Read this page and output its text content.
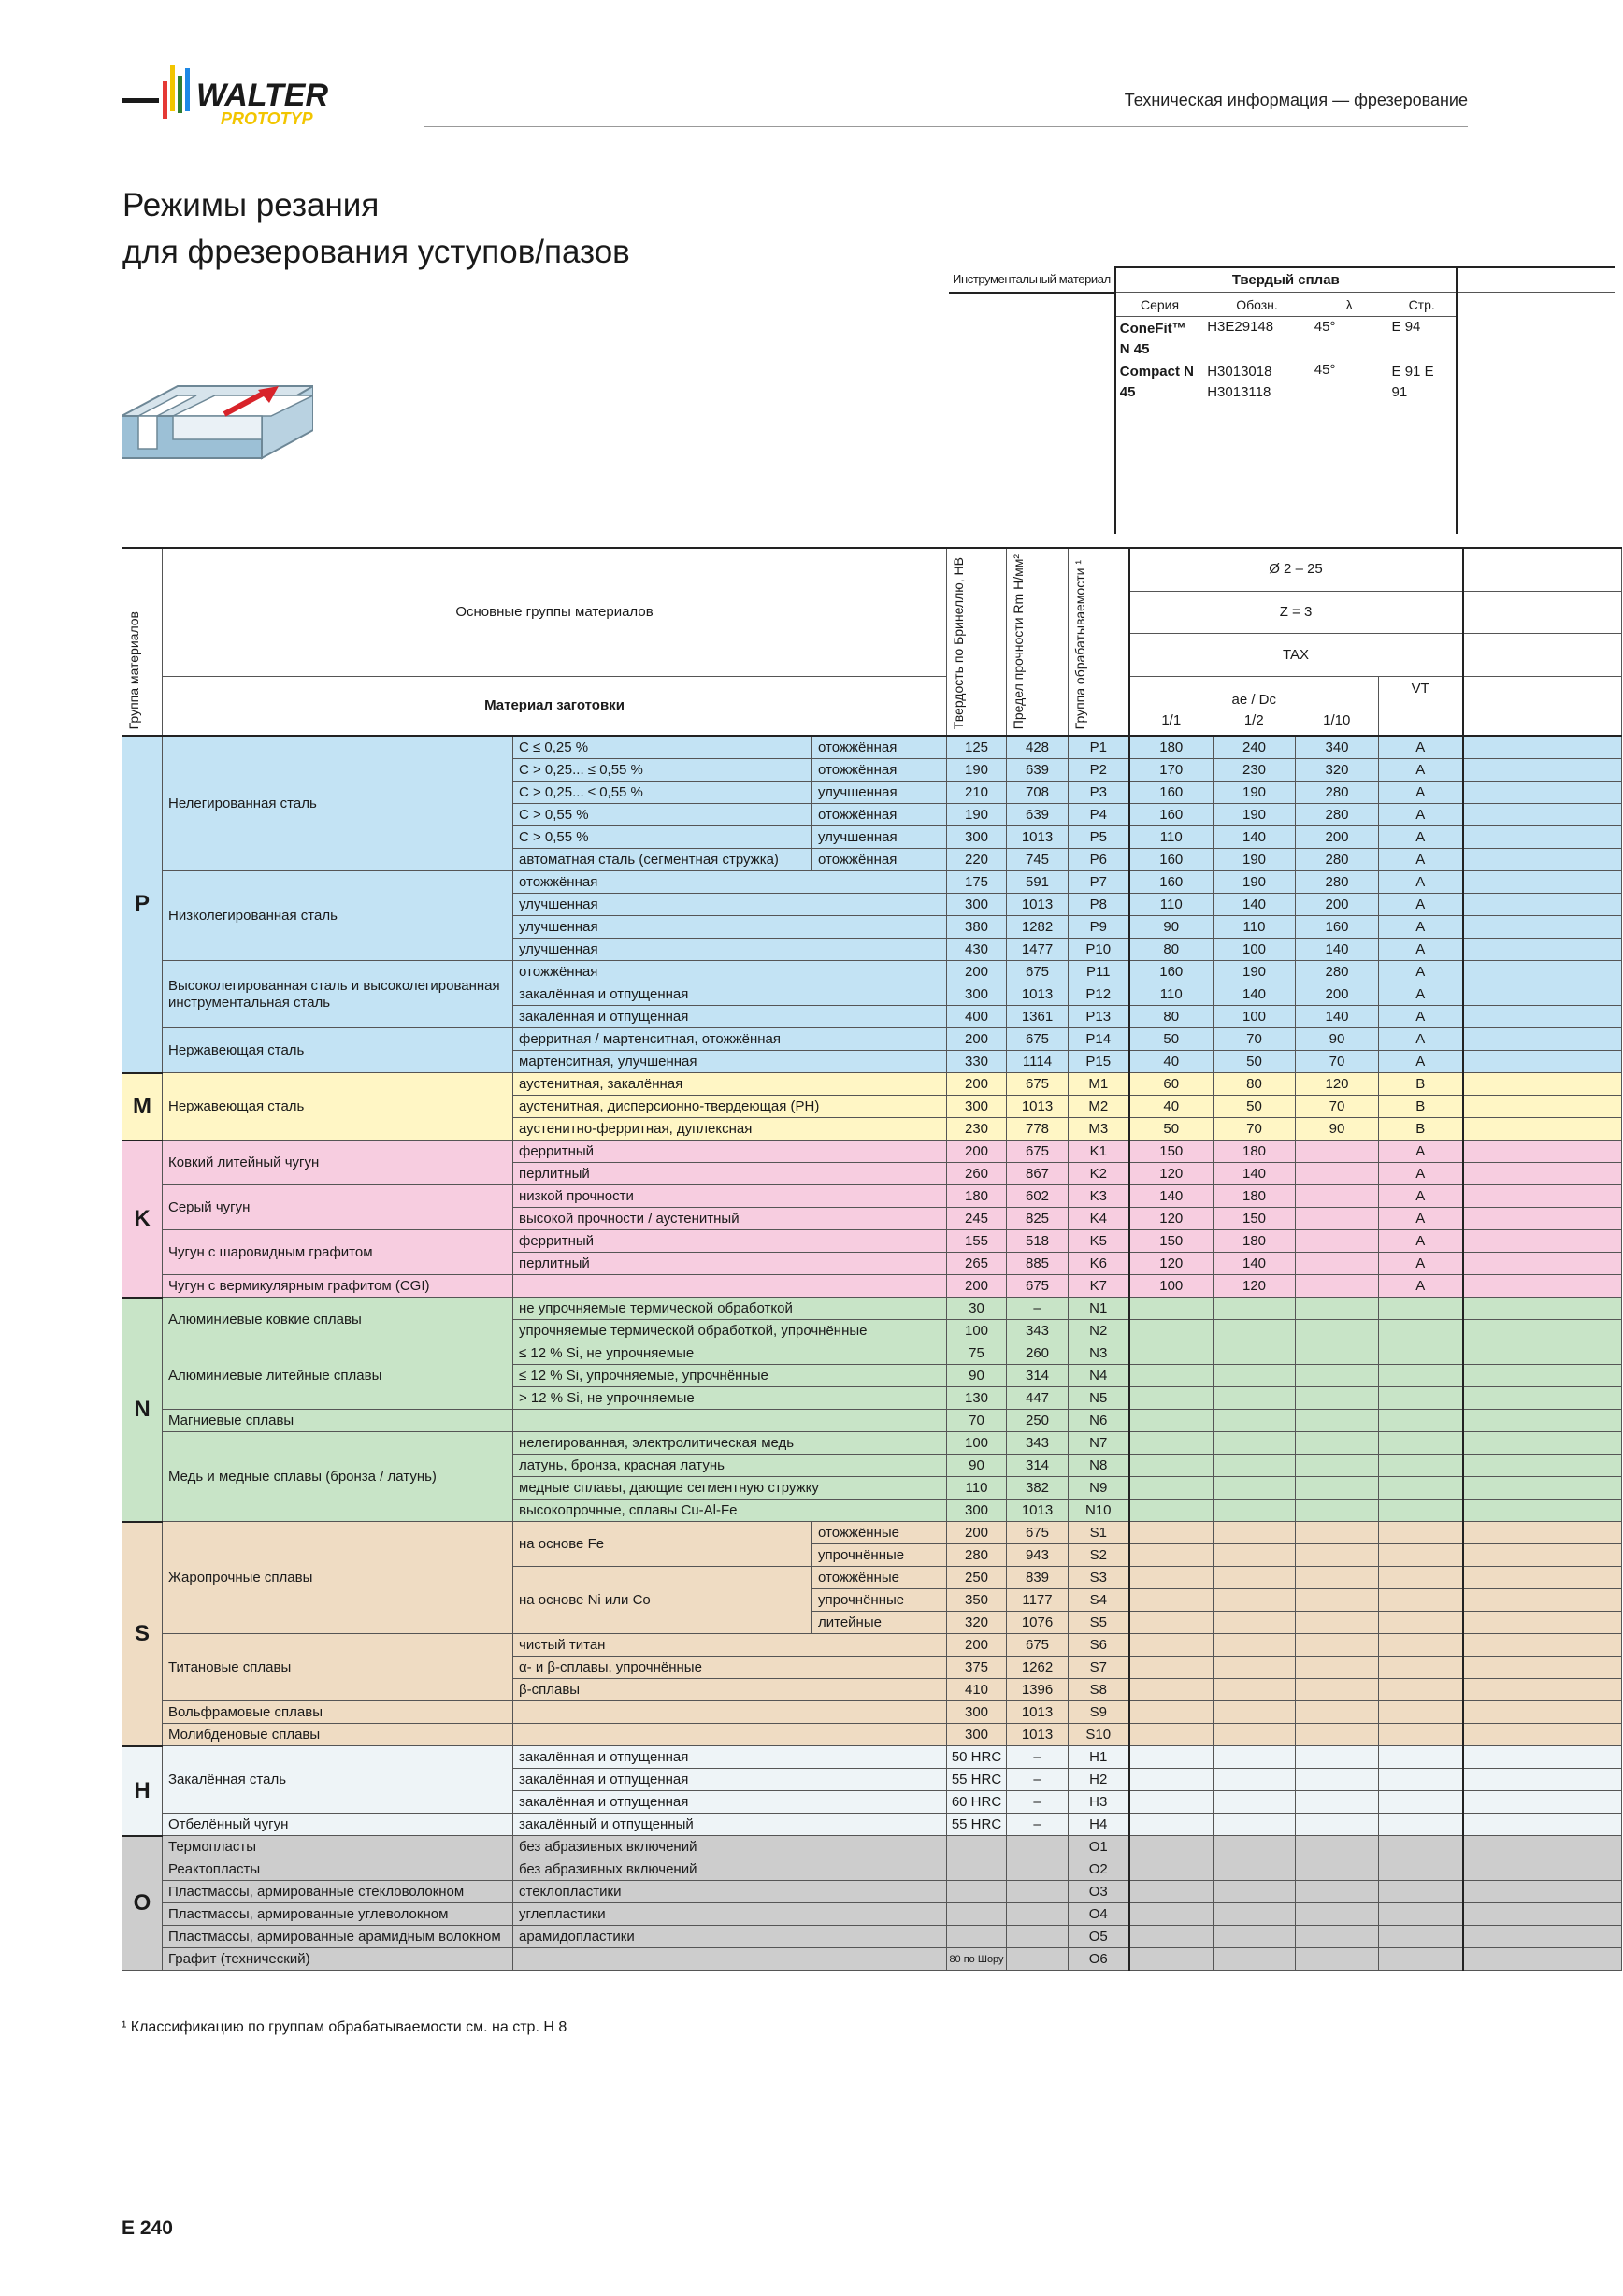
WALTER
PROTOTYP
Техническая информация — фрезерование
Режимы резания
для фрезерования уступов/пазов
Инструментальный материал	Твердый сплав				
	Серия	Обозн.	λ	Стр.	
	ConeFit™ N 45	H3E29148	45°	E 94	
	Compact N 45	H3013018 H3013118	45°	E 91 E 91	

Группа материалов	Основные группы материалов			Твердость по Бринеллю, HB	Предел прочности Rm Н/мм²	Группа обрабатываемости ¹	Ø 2 – 25				
							Z = 3				
							TAX				
	Материал заготовки						ae / Dc
1/1 1/2 1/10			VT	
P	Нелегированная сталь	C ≤ 0,25 %	отожжённая	125	428	P1	180	240	340	A	
		C > 0,25... ≤ 0,55 %	отожжённая	190	639	P2	170	230	320	A	
		C > 0,25... ≤ 0,55 %	улучшенная	210	708	P3	160	190	280	A	
		C > 0,55 %	отожжённая	190	639	P4	160	190	280	A	
		C > 0,55 %	улучшенная	300	1013	P5	110	140	200	A	
		автоматная сталь (сегментная стружка)	отожжённая	220	745	P6	160	190	280	A	
	Низколегированная сталь	отожжённая		175	591	P7	160	190	280	A	
		улучшенная		300	1013	P8	110	140	200	A	
		улучшенная		380	1282	P9	90	110	160	A	
		улучшенная		430	1477	P10	80	100	140	A	
	Высоколегированная сталь и высоколегированная инструментальная сталь	отожжённая		200	675	P11	160	190	280	A	
		закалённая и отпущенная		300	1013	P12	110	140	200	A	
		закалённая и отпущенная		400	1361	P13	80	100	140	A	
	Нержавеющая сталь	ферритная / мартенситная, отожжённая		200	675	P14	50	70	90	A	
		мартенситная, улучшенная		330	1114	P15	40	50	70	A	
M	Нержавеющая сталь	аустенитная, закалённая		200	675	M1	60	80	120	B	
		аустенитная, дисперсионно-твердеющая (PH)		300	1013	M2	40	50	70	B	
		аустенитно-ферритная, дуплексная		230	778	M3	50	70	90	B	
K	Ковкий литейный чугун	ферритный		200	675	K1	150	180		A	
		перлитный		260	867	K2	120	140		A	
	Серый чугун	низкой прочности		180	602	K3	140	180		A	
		высокой прочности / аустенитный		245	825	K4	120	150		A	
	Чугун с шаровидным графитом	ферритный		155	518	K5	150	180		A	
		перлитный		265	885	K6	120	140		A	
	Чугун с вермикулярным графитом (CGI)			200	675	K7	100	120		A	
N	Алюминиевые ковкие сплавы	не упрочняемые термической обработкой		30	–	N1					
		упрочняемые термической обработкой, упрочнённые		100	343	N2					
	Алюминиевые литейные сплавы	≤ 12 % Si, не упрочняемые		75	260	N3					
		≤ 12 % Si, упрочняемые, упрочнённые		90	314	N4					
		> 12 % Si, не упрочняемые		130	447	N5					
	Магниевые сплавы			70	250	N6					
	Медь и медные сплавы (бронза / латунь)	нелегированная, электролитическая медь		100	343	N7					
		латунь, бронза, красная латунь		90	314	N8					
		медные сплавы, дающие сегментную стружку		110	382	N9					
		высокопрочные, сплавы Cu-Al-Fe		300	1013	N10					
S	Жаропрочные сплавы	на основе Fe	отожжённые	200	675	S1					
			упрочнённые	280	943	S2					
		на основе Ni или Co	отожжённые	250	839	S3					
			упрочнённые	350	1177	S4					
			литейные	320	1076	S5					
	Титановые сплавы	чистый титан		200	675	S6					
		α- и β-сплавы, упрочнённые		375	1262	S7					
		β-сплавы		410	1396	S8					
	Вольфрамовые сплавы			300	1013	S9					
	Молибденовые сплавы			300	1013	S10					
H	Закалённая сталь	закалённая и отпущенная		50 HRC	–	H1					
		закалённая и отпущенная		55 HRC	–	H2					
		закалённая и отпущенная		60 HRC	–	H3					
	Отбелённый чугун	закалённый и отпущенный		55 HRC	–	H4					
O	Термопласты	без абразивных включений				O1					
	Реактопласты	без абразивных включений				O2					
	Пластмассы, армированные стекловолокном	стеклопластики				O3					
	Пластмассы, армированные углеволокном	углепластики				O4					
	Пластмассы, армированные арамидным волокном	арамидопластики				O5					
	Графит (технический)			80 по Шору		O6					
¹ Классификацию по группам обрабатываемости см. на стр. H 8
E 240
